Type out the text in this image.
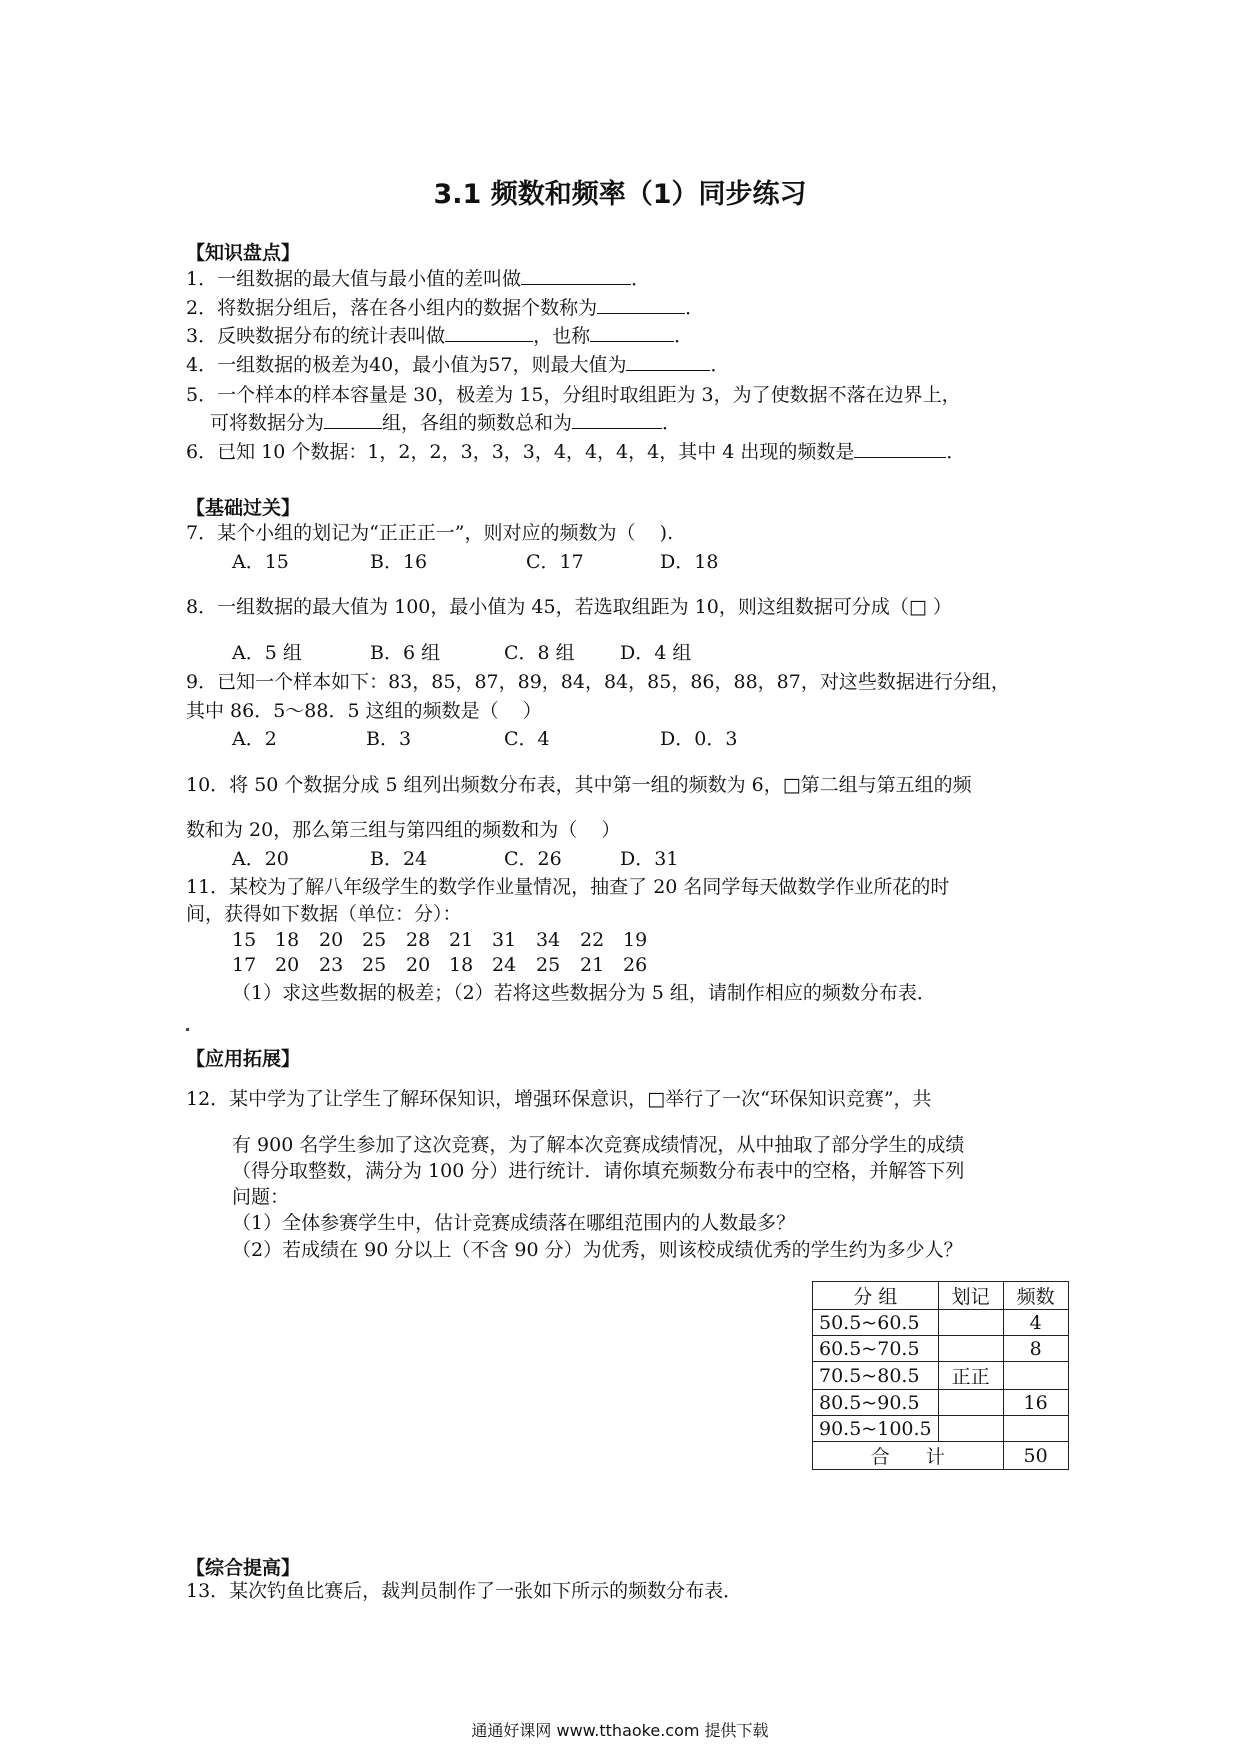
3.1 频数和频率（1）同步练习
【知识盘点】
1．一组数据的最大值与最小值的差叫做	．
2．将数据分组后，落在各小组内的数据个数称为	．
3．反映数据分布的统计表叫做	，也称	．
4．一组数据的极差为40，最小值为57，则最大值为	．
5．一个样本的样本容量是 30，极差为 15，分组时取组距为 3，为了使数据不落在边界上，
可将数据分为	组，各组的频数总和为	．
6．已知 10 个数据：1，2，2，3，3，3，4，4，4，4，其中 4 出现的频数是	．
【基础过关】
7．某个小组的划记为“正正正一”，则对应的频数为（    ).
A．15	B．16	C．17	D．18
8．一组数据的最大值为 100，最小值为 45，若选取组距为 10，则这组数据可分成（□ ）
A．5 组	B．6 组	C．8 组 D．4 组
9．已知一个样本如下：83，85，87，89，84，84，85，86，88，87，对这些数据进行分组，
其中 86．5～88．5 这组的频数是（    ）
A．2	B．3	C．4	D．0．3
10．将 50 个数据分成 5 组列出频数分布表，其中第一组的频数为 6，□第二组与第五组的频
数和为 20，那么第三组与第四组的频数和为（    ）
A．20	B．24	C．26	D．31
11．某校为了解八年级学生的数学作业量情况，抽查了 20 名同学每天做数学作业所花的时
间，获得如下数据（单位：分）：
15 18 20 25 28 21 31 34 22 19
17 20 23 25 20 18 24 25 21 26
（1）求这些数据的极差；（2）若将这些数据分为 5 组，请制作相应的频数分布表．
【应用拓展】
12．某中学为了让学生了解环保知识，增强环保意识，□举行了一次“环保知识竞赛”，共
有 900 名学生参加了这次竞赛，为了解本次竞赛成绩情况，从中抽取了部分学生的成绩
（得分取整数，满分为 100 分）进行统计．请你填充频数分布表中的空格，并解答下列
问题：
（1）全体参赛学生中，估计竞赛成绩落在哪组范围内的人数最多？
（2）若成绩在 90 分以上（不含 90 分）为优秀，则该校成绩优秀的学生约为多少人？
分 组	划记	频数
50.5~60.5		4
60.5~70.5		8
70.5~80.5	正正	
80.5~90.5		16
90.5~100.5		
合      计		50
【综合提高】
13．某次钓鱼比赛后，裁判员制作了一张如下所示的频数分布表．
通通好课网 www.tthaoke.com 提供下载
